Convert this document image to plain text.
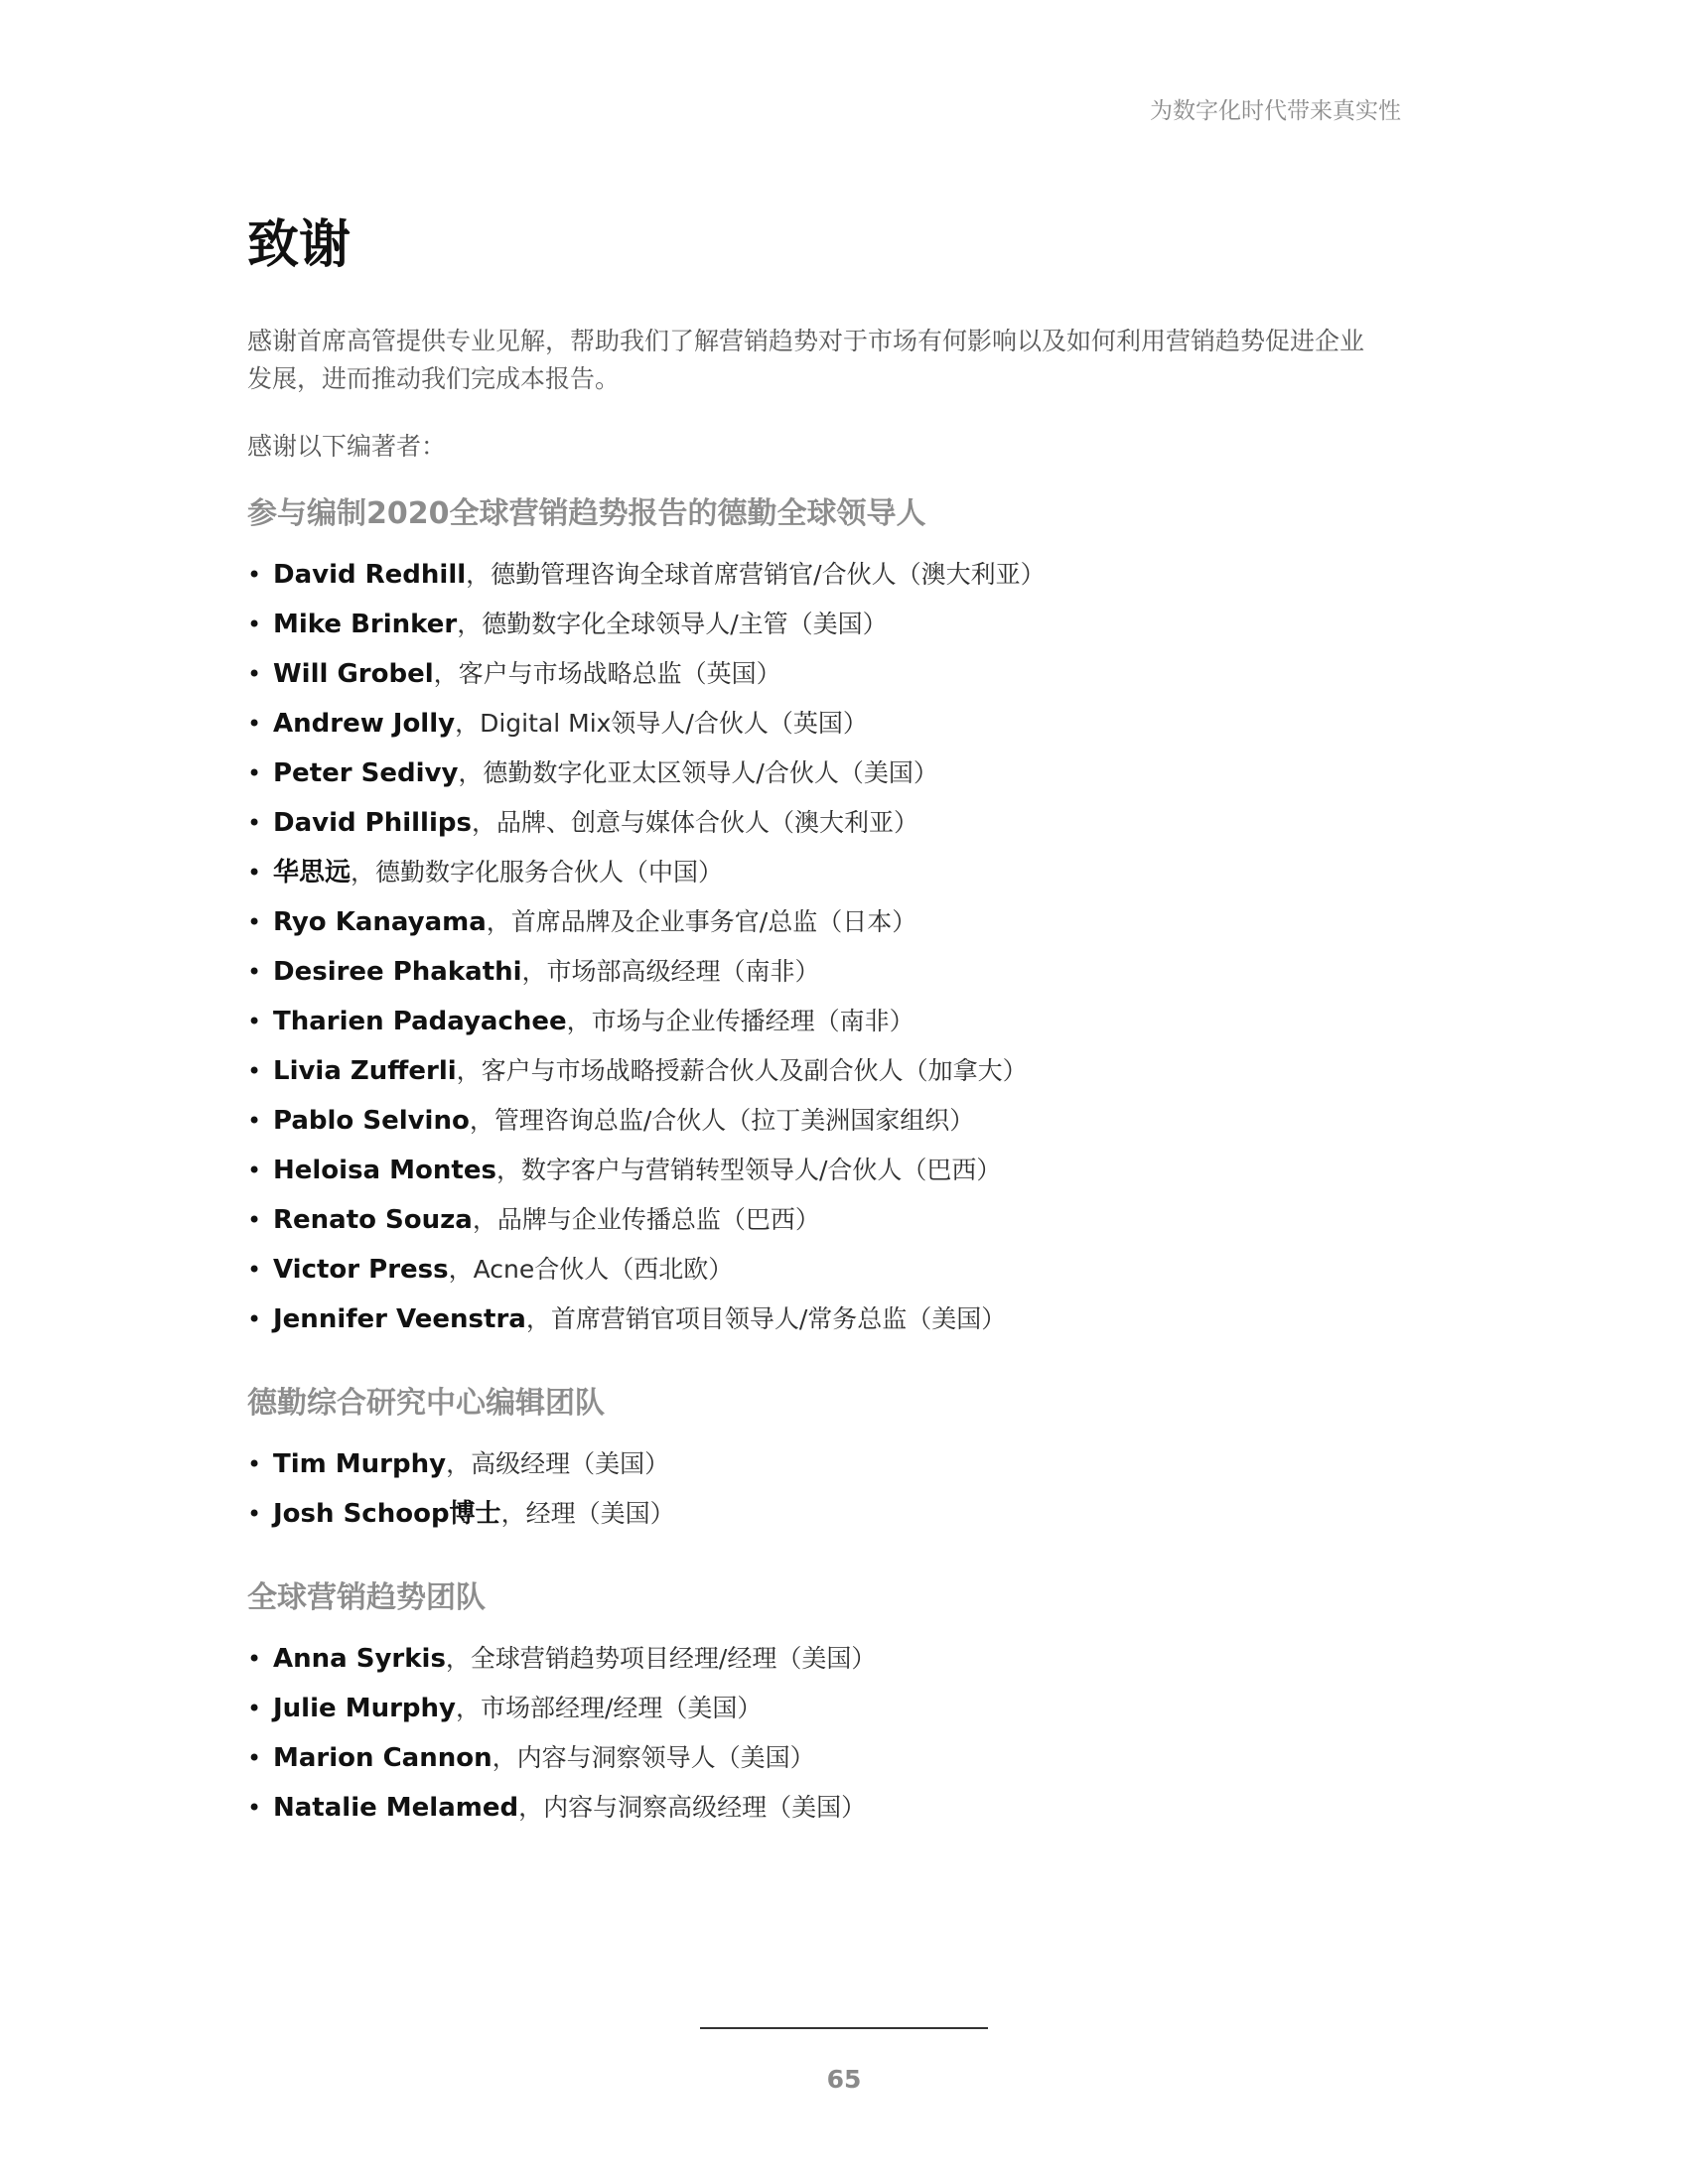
为数字化时代带来真实性
致谢

感谢首席高管提供专业见解，帮助我们了解营销趋势对于市场有何影响以及如何利用营销趋势促进企业
发展，进而推动我们完成本报告。

感谢以下编著者：

参与编制2020全球营销趋势报告的德勤全球领导人
• David Redhill，德勤管理咨询全球首席营销官/合伙人（澳大利亚）
• Mike Brinker，德勤数字化全球领导人/主管（美国）
• Will Grobel，客户与市场战略总监（英国）
• Andrew Jolly，Digital Mix领导人/合伙人（英国）
• Peter Sedivy，德勤数字化亚太区领导人/合伙人（美国）
• David Phillips，品牌、创意与媒体合伙人（澳大利亚）
• 华思远，德勤数字化服务合伙人（中国）
• Ryo Kanayama，首席品牌及企业事务官/总监（日本）
• Desiree Phakathi，市场部高级经理（南非）
• Tharien Padayachee，市场与企业传播经理（南非）
• Livia Zufferli，客户与市场战略授薪合伙人及副合伙人（加拿大）
• Pablo Selvino，管理咨询总监/合伙人（拉丁美洲国家组织）
• Heloisa Montes，数字客户与营销转型领导人/合伙人（巴西）
• Renato Souza，品牌与企业传播总监（巴西）
• Victor Press，Acne合伙人（西北欧）
• Jennifer Veenstra，首席营销官项目领导人/常务总监（美国）
德勤综合研究中心编辑团队
• Tim Murphy，高级经理（美国）
• Josh Schoop博士，经理（美国）
全球营销趋势团队
• Anna Syrkis，全球营销趋势项目经理/经理（美国）
• Julie Murphy，市场部经理/经理（美国）
• Marion Cannon，内容与洞察领导人（美国）
• Natalie Melamed，内容与洞察高级经理（美国）
65
